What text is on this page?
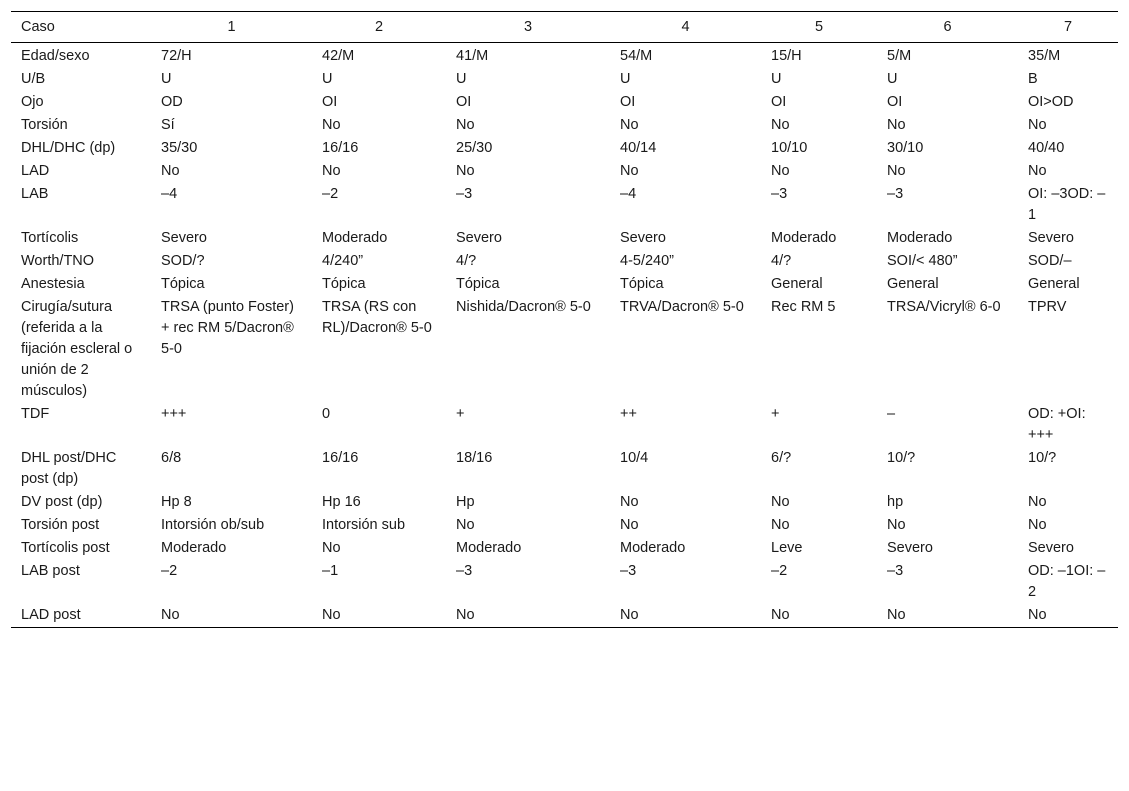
Caso	1	2	3	4	5	6	7
Edad/sexo	72/H	42/M	41/M	54/M	15/H	5/M	35/M
U/B	U	U	U	U	U	U	B
Ojo	OD	OI	OI	OI	OI	OI	OI>OD
Torsión	Sí	No	No	No	No	No	No
DHL/DHC (dp)	35/30	16/16	25/30	40/14	10/10	30/10	40/40
LAD	No	No	No	No	No	No	No
LAB	–4	–2	–3	–4	–3	–3	OI: –3OD: –1
Tortícolis	Severo	Moderado	Severo	Severo	Moderado	Moderado	Severo
Worth/TNO	SOD/?	4/240”	4/?	4-5/240”	4/?	SOI/< 480”	SOD/–
Anestesia	Tópica	Tópica	Tópica	Tópica	General	General	General
Cirugía/sutura (referida a la fijación escleral o unión de 2 músculos)	TRSA (punto Foster) + rec RM 5/Dacron® 5-0	TRSA (RS con RL)/Dacron® 5-0	Nishida/Dacron® 5-0	TRVA/Dacron® 5-0	Rec RM 5	TRSA/Vicryl® 6-0	TPRV
TDF	+++	0	+	++	+	–	OD: +OI: +++
DHL post/DHC post (dp)	6/8	16/16	18/16	10/4	6/?	10/?	10/?
DV post (dp)	Hp 8	Hp 16	Hp	No	No	hp	No
Torsión post	Intorsión ob/sub	Intorsión sub	No	No	No	No	No
Tortícolis post	Moderado	No	Moderado	Moderado	Leve	Severo	Severo
LAB post	–2	–1	–3	–3	–2	–3	OD: –1OI: –2
LAD post	No	No	No	No	No	No	No
